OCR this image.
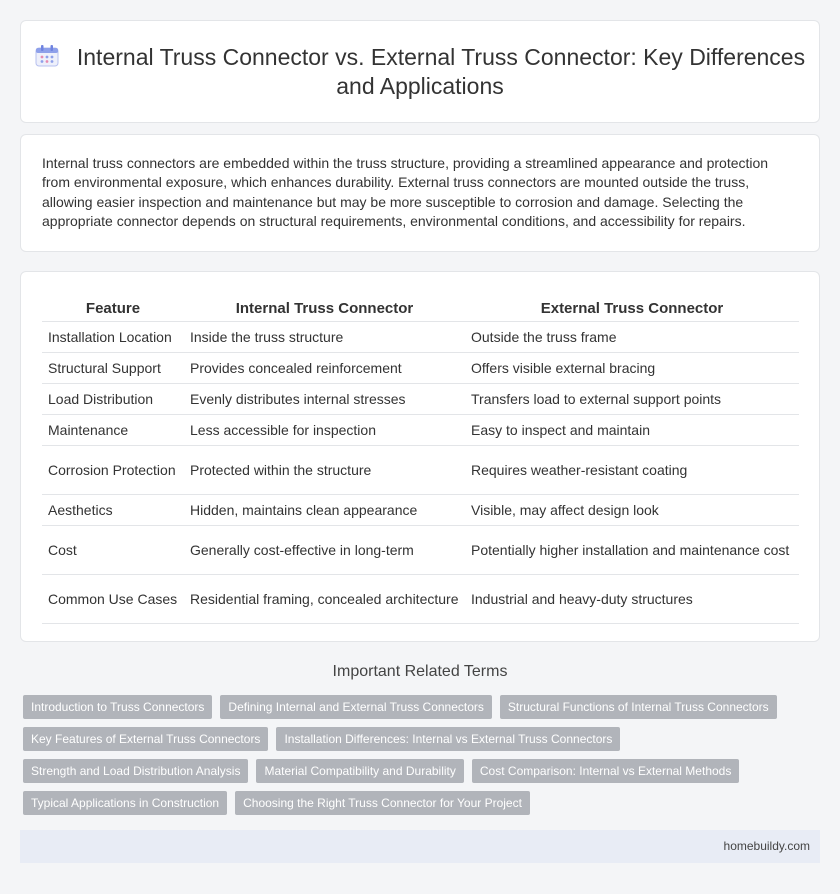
Internal Truss Connector vs. External Truss Connector: Key Differences and Applications

Internal truss connectors are embedded within the truss structure, providing a streamlined appearance and protection from environmental exposure, which enhances durability. External truss connectors are mounted outside the truss, allowing easier inspection and maintenance but may be more susceptible to corrosion and damage. Selecting the appropriate connector depends on structural requirements, environmental conditions, and accessibility for repairs.

Feature	Internal Truss Connector	External Truss Connector
Installation Location	Inside the truss structure	Outside the truss frame
Structural Support	Provides concealed reinforcement	Offers visible external bracing
Load Distribution	Evenly distributes internal stresses	Transfers load to external support points
Maintenance	Less accessible for inspection	Easy to inspect and maintain
Corrosion Protection	Protected within the structure	Requires weather-resistant coating
Aesthetics	Hidden, maintains clean appearance	Visible, may affect design look
Cost	Generally cost-effective in long-term	Potentially higher installation and maintenance cost
Common Use Cases	Residential framing, concealed architecture	Industrial and heavy-duty structures
Important Related Terms
Introduction to Truss Connectors	Defining Internal and External Truss Connectors	Structural Functions of Internal Truss Connectors
Key Features of External Truss Connectors	Installation Differences: Internal vs External Truss Connectors
Strength and Load Distribution Analysis	Material Compatibility and Durability	Cost Comparison: Internal vs External Methods
Typical Applications in Construction	Choosing the Right Truss Connector for Your Project
homebuildy.com
